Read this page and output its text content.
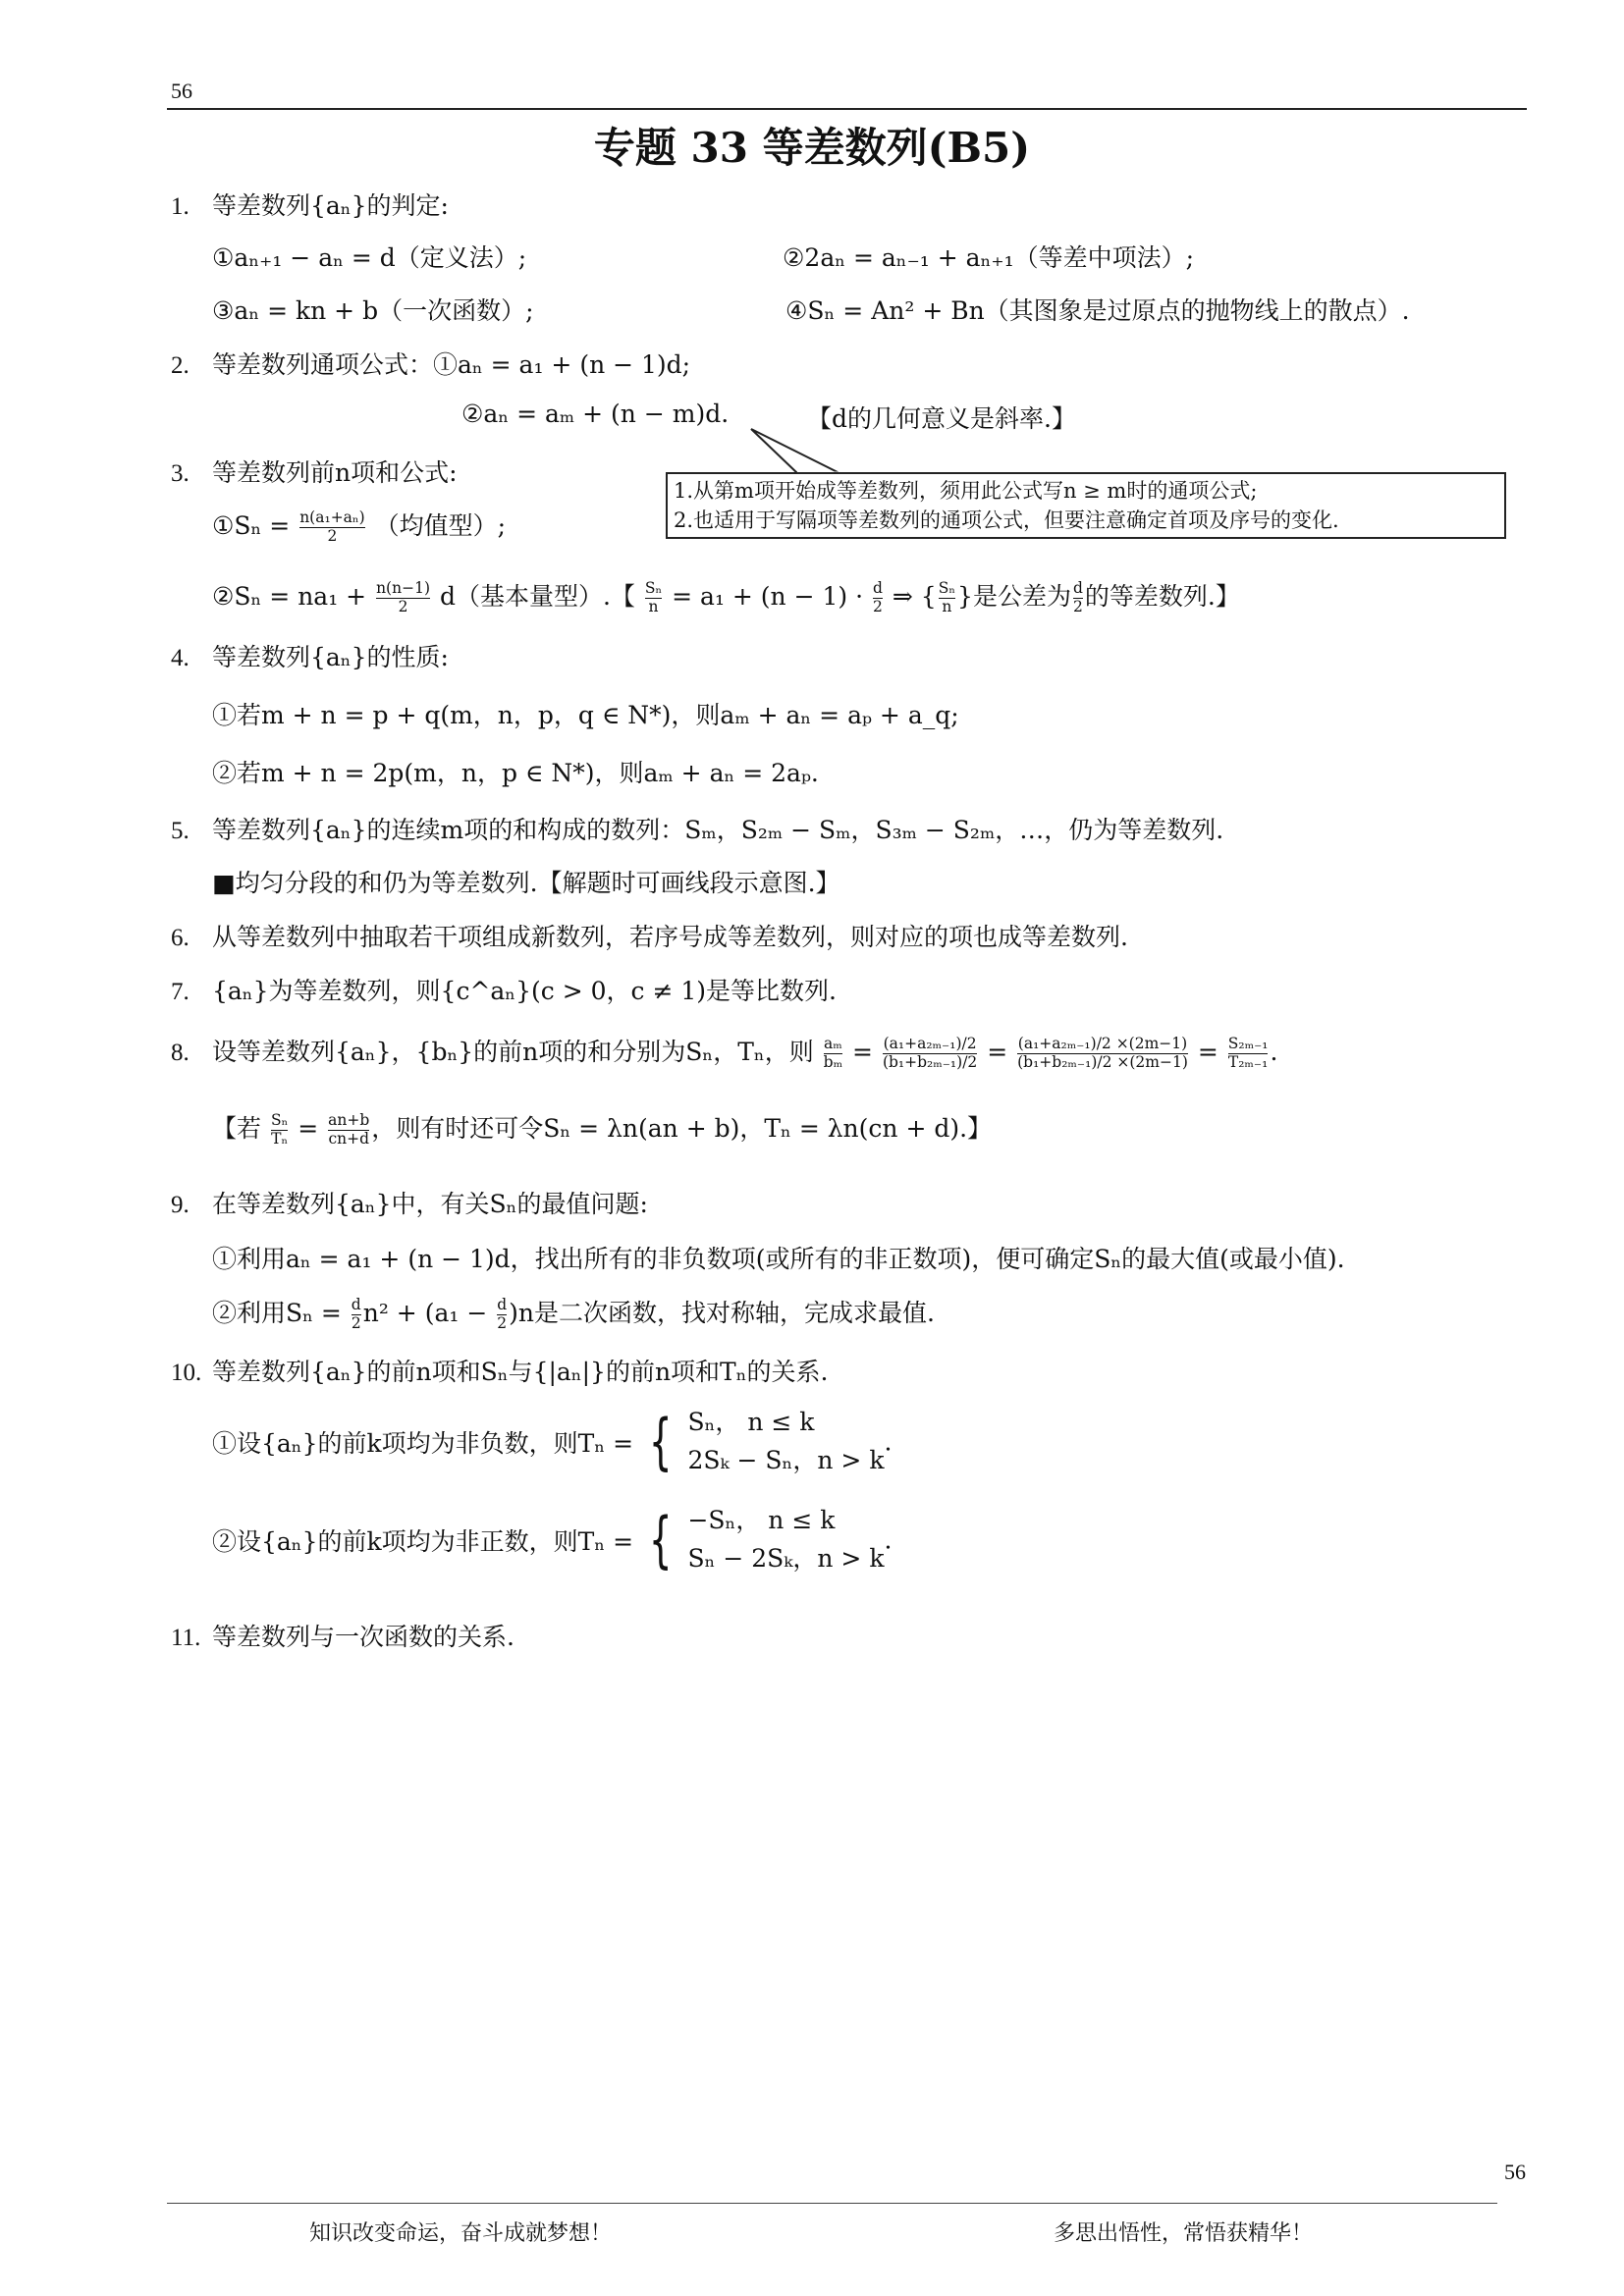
56
专题 33 等差数列(B5)
1. 等差数列{aₙ}的判定:
①aₙ₊₁ − aₙ = d（定义法）;	②2aₙ = aₙ₋₁ + aₙ₊₁（等差中项法）;
③aₙ = kn + b（一次函数）;	④Sₙ = An² + Bn（其图象是过原点的抛物线上的散点）.
2. 等差数列通项公式：①aₙ = a₁ + (n − 1)d;
②aₙ = aₘ + (n − m)d.	【d的几何意义是斜率.】
3. 等差数列前n项和公式:
1.从第m项开始成等差数列，须用此公式写n ≥ m时的通项公式;
2.也适用于写隔项等差数列的通项公式，但要注意确定首项及序号的变化.
①Sₙ = $\frac{\text{n(a₁+aₙ)}}{2}$ （均值型）;
②Sₙ = $na_1 + \frac{n(n-1)}{2} d$（基本量型）.【 $\frac{\text{Sₙ}}{n} = a_1 + (n - 1) \cdot \frac{d}{2}$ ⇒ { $\frac{\text{Sₙ}}{n}$ }是公差为 $\frac{d}{2}$ 的等差数列.】
4. 等差数列{aₙ}的性质:
①若m + n = p + q(m，n，p，q ∈ N*)，则aₘ + aₙ = aₚ + a_q;
②若m + n = 2p(m，n，p ∈ N*)，则aₘ + aₙ = 2aₚ.
5. 等差数列{aₙ}的连续m项的和构成的数列：Sₘ，S₂ₘ − Sₘ，S₃ₘ − S₂ₘ，…，仍为等差数列.
■均匀分段的和仍为等差数列.【解题时可画线段示意图.】
6. 从等差数列中抽取若干项组成新数列，若序号成等差数列，则对应的项也成等差数列.
7. {aₙ}为等差数列，则{c^aₙ}(c > 0，c ≠ 1)是等比数列.
8. 设等差数列{aₙ}，{bₙ}的前n项的和分别为Sₙ，Tₙ，则 $\frac{\text{aₘ}}{\text{bₘ}} = \frac{\text{(a₁+a₂ₘ₋₁)/2}}{\text{(b₁+b₂ₘ₋₁)/2}} = \frac{\text{(a₁+a₂ₘ₋₁)/2 ×(2m−1)}}{\text{(b₁+b₂ₘ₋₁)/2 ×(2m−1)}} = \frac{\text{S₂ₘ₋₁}}{\text{T₂ₘ₋₁}}$ .
【若 $\frac{\text{Sₙ}}{\text{Tₙ}} = \frac{an+b}{cn+d}$ ，则有时还可令Sₙ = λn(an + b)，Tₙ = λn(cn + d).】
9. 在等差数列{aₙ}中，有关Sₙ的最值问题:
①利用aₙ = a₁ + (n − 1)d，找出所有的非负数项(或所有的非正数项)，便可确定Sₙ的最大值(或最小值).
②利用$S_n = \frac{d}{2} n^2 + (a_1 - \frac{d}{2} )n$是二次函数，找对称轴，完成求最值.
10. 等差数列{aₙ}的前n项和Sₙ与{|aₙ|}的前n项和Tₙ的关系.
①设{aₙ}的前k项均为非负数，则Tₙ = { Sₙ， n ≤ k
2Sₖ − Sₙ，n > k
.
②设{aₙ}的前k项均为非正数，则Tₙ = { −Sₙ， n ≤ k
Sₙ − 2Sₖ，n > k
.
11. 等差数列与一次函数的关系.
56
知识改变命运，奋斗成就梦想！	多思出悟性，常悟获精华！
